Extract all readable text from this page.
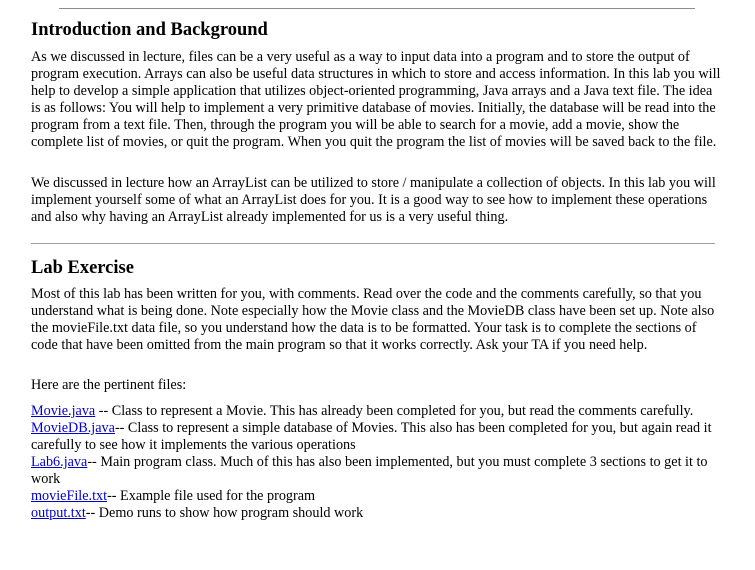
Introduction and Background

As we discussed in lecture, files can be a very useful as a way to input data into a program and to store the output of program execution. Arrays can also be useful data structures in which to store and access information. In this lab you will help to develop a simple application that utilizes object-oriented programming, Java arrays and a Java text file. The idea is as follows: You will help to implement a very primitive database of movies. Initially, the database will be read into the program from a text file. Then, through the program you will be able to search for a movie, add a movie, show the complete list of movies, or quit the program. When you quit the program the list of movies will be saved back to the file.

We discussed in lecture how an ArrayList can be utilized to store / manipulate a collection of objects. In this lab you will implement yourself some of what an ArrayList does for you. It is a good way to see how to implement these operations and also why having an ArrayList already implemented for us is a very useful thing.

Lab Exercise

Most of this lab has been written for you, with comments. Read over the code and the comments carefully, so that you understand what is being done. Note especially how the Movie class and the MovieDB class have been set up. Note also the movieFile.txt data file, so you understand how the data is to be formatted. Your task is to complete the sections of code that have been omitted from the main program so that it works correctly. Ask your TA if you need help.

Here are the pertinent files:

Movie.java -- Class to represent a Movie. This has already been completed for you, but read the comments carefully.
MovieDB.java-- Class to represent a simple database of Movies. This also has been completed for you, but again read it carefully to see how it implements the various operations
Lab6.java-- Main program class. Much of this has also been implemented, but you must complete 3 sections to get it to work
movieFile.txt-- Example file used for the program
output.txt-- Demo runs to show how program should work
